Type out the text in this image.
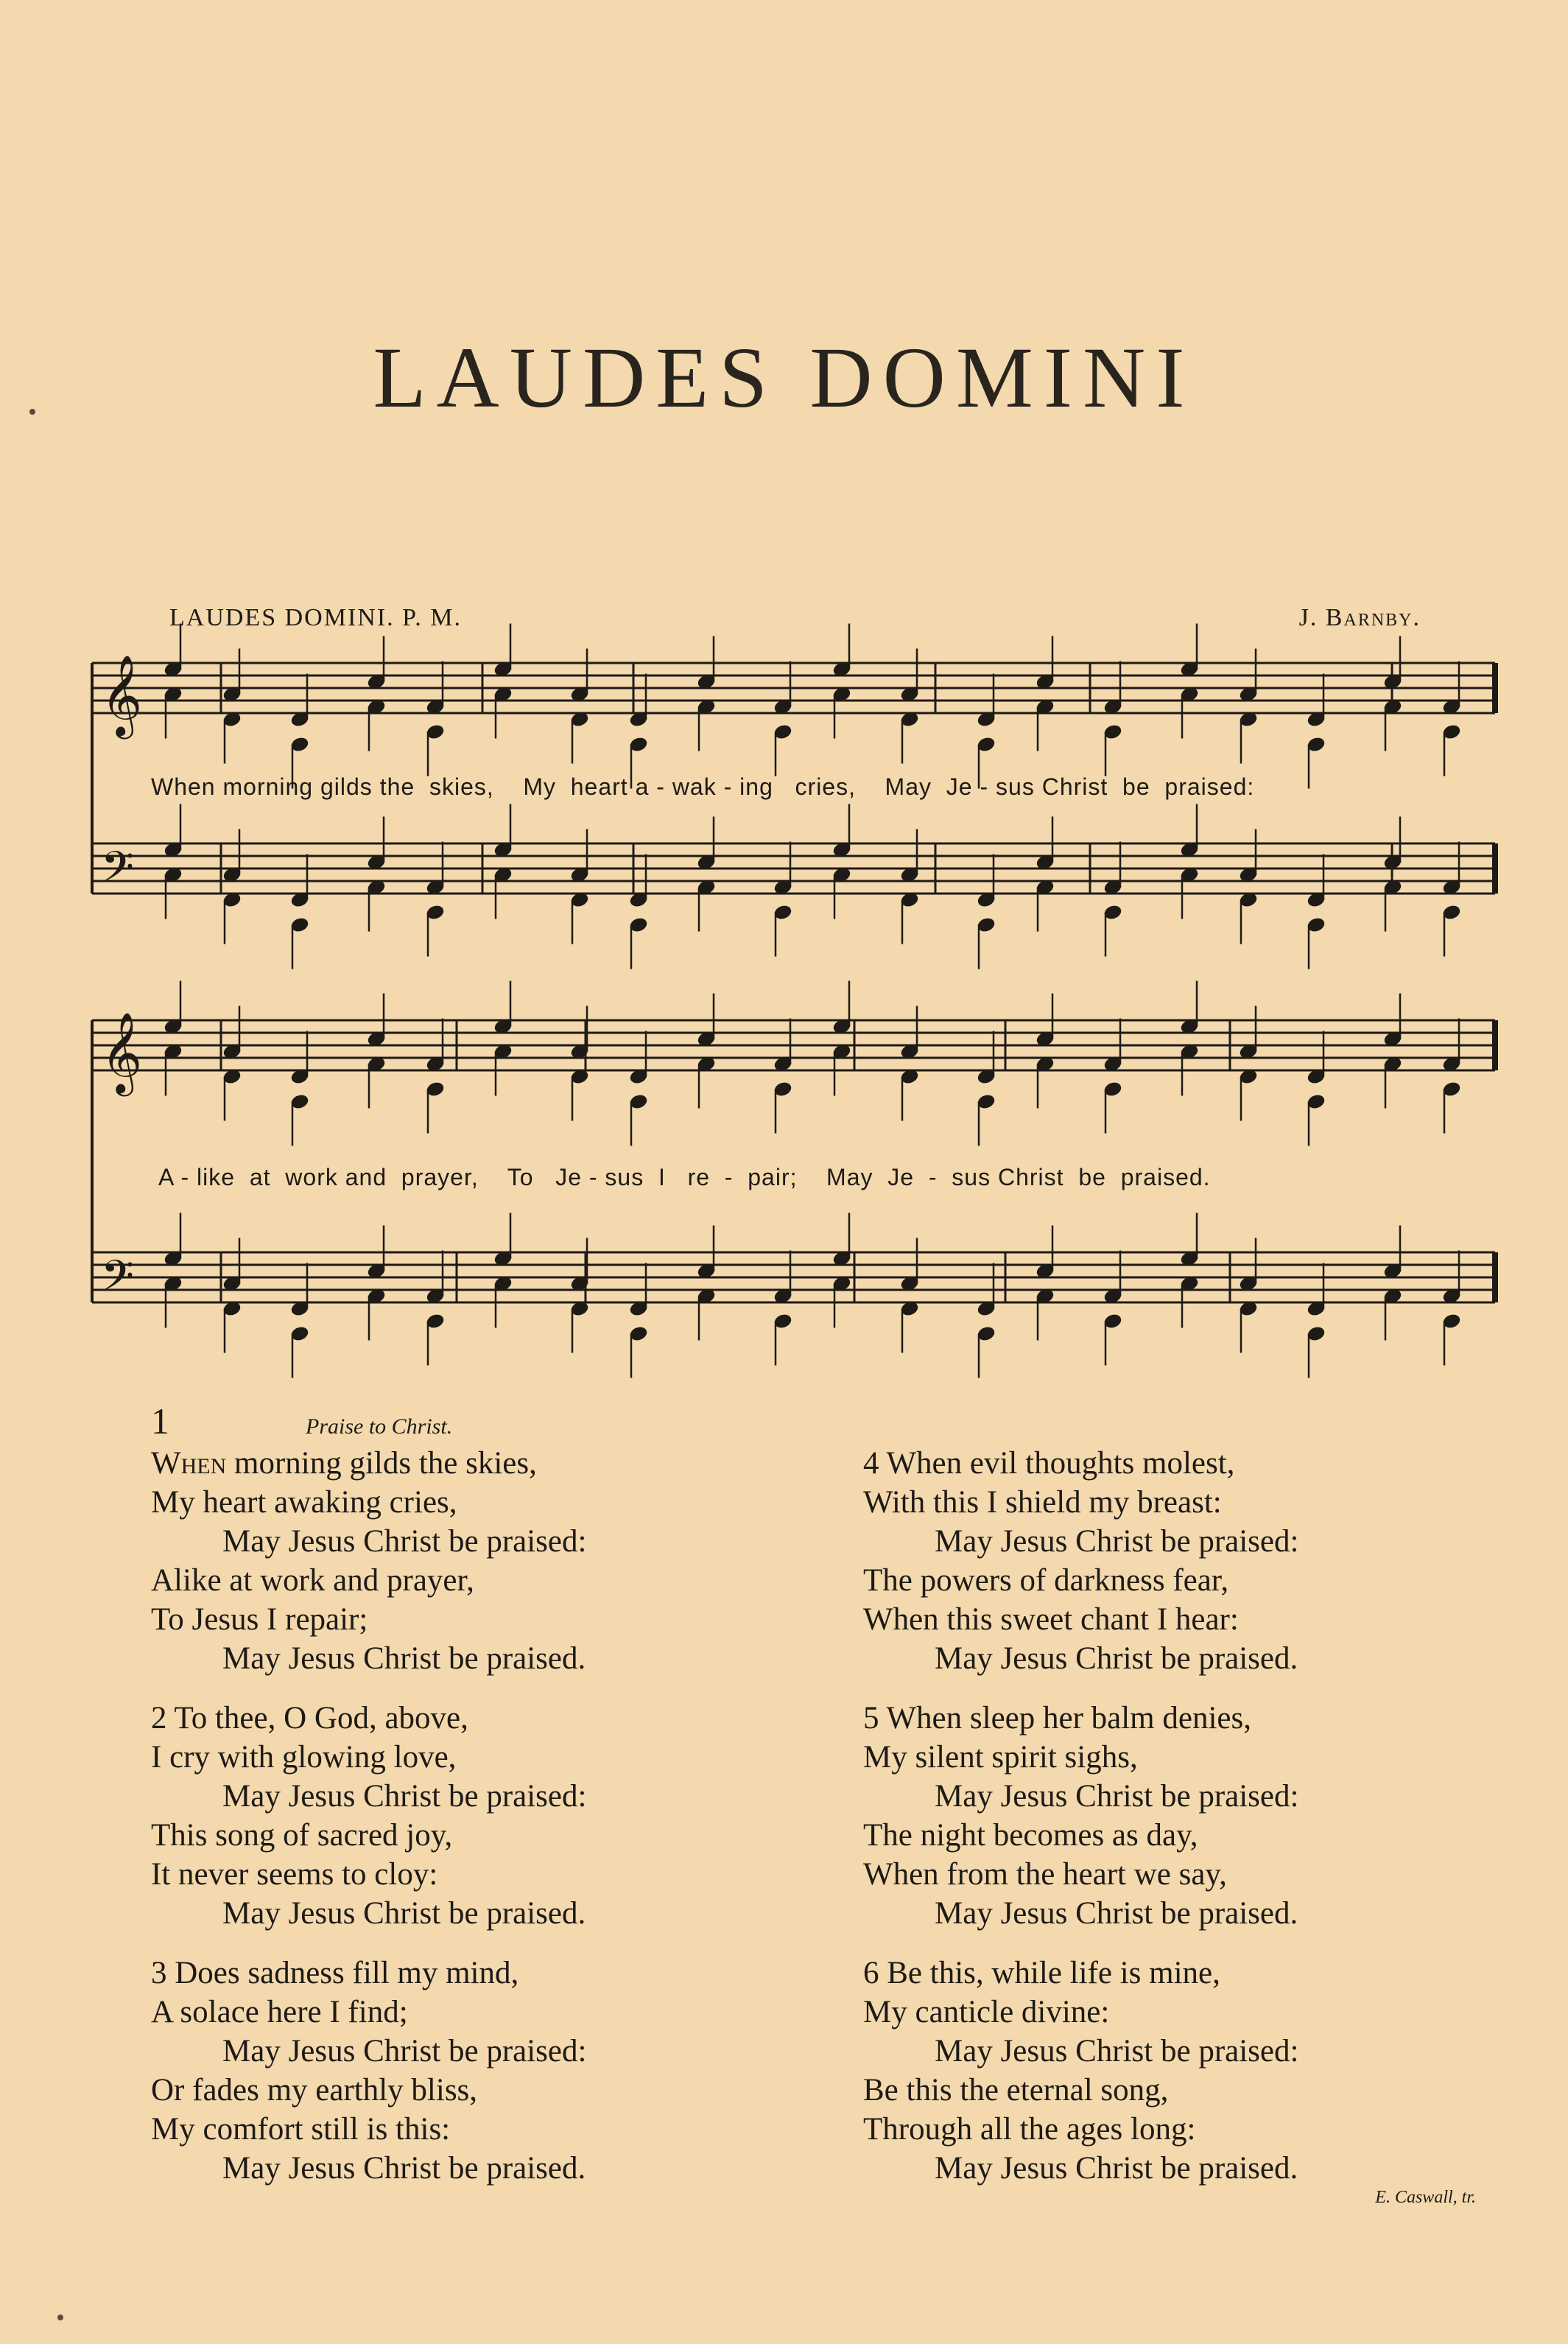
LAUDES DOMINI
LAUDES DOMINI. P. M.	J. Barnby.
𝄞
𝄢
𝄞
𝄢
When morning gilds the  skies,    My  heart a - wak - ing   cries,    May  Je - sus Christ  be  praised:
A - like  at  work and  prayer,    To   Je - sus  I   re  -  pair;    May  Je  -  sus Christ  be  praised.
1	Praise to Christ.
When morning gilds the skies,
My heart awaking cries,
May Jesus Christ be praised:
Alike at work and prayer,
To Jesus I repair;
May Jesus Christ be praised.
2 To thee, O God, above,
I cry with glowing love,
May Jesus Christ be praised:
This song of sacred joy,
It never seems to cloy:
May Jesus Christ be praised.
3 Does sadness fill my mind,
A solace here I find;
May Jesus Christ be praised:
Or fades my earthly bliss,
My comfort still is this:
May Jesus Christ be praised.
4 When evil thoughts molest,
With this I shield my breast:
May Jesus Christ be praised:
The powers of darkness fear,
When this sweet chant I hear:
May Jesus Christ be praised.
5 When sleep her balm denies,
My silent spirit sighs,
May Jesus Christ be praised:
The night becomes as day,
When from the heart we say,
May Jesus Christ be praised.
6 Be this, while life is mine,
My canticle divine:
May Jesus Christ be praised:
Be this the eternal song,
Through all the ages long:
May Jesus Christ be praised.
E. Caswall, tr.
